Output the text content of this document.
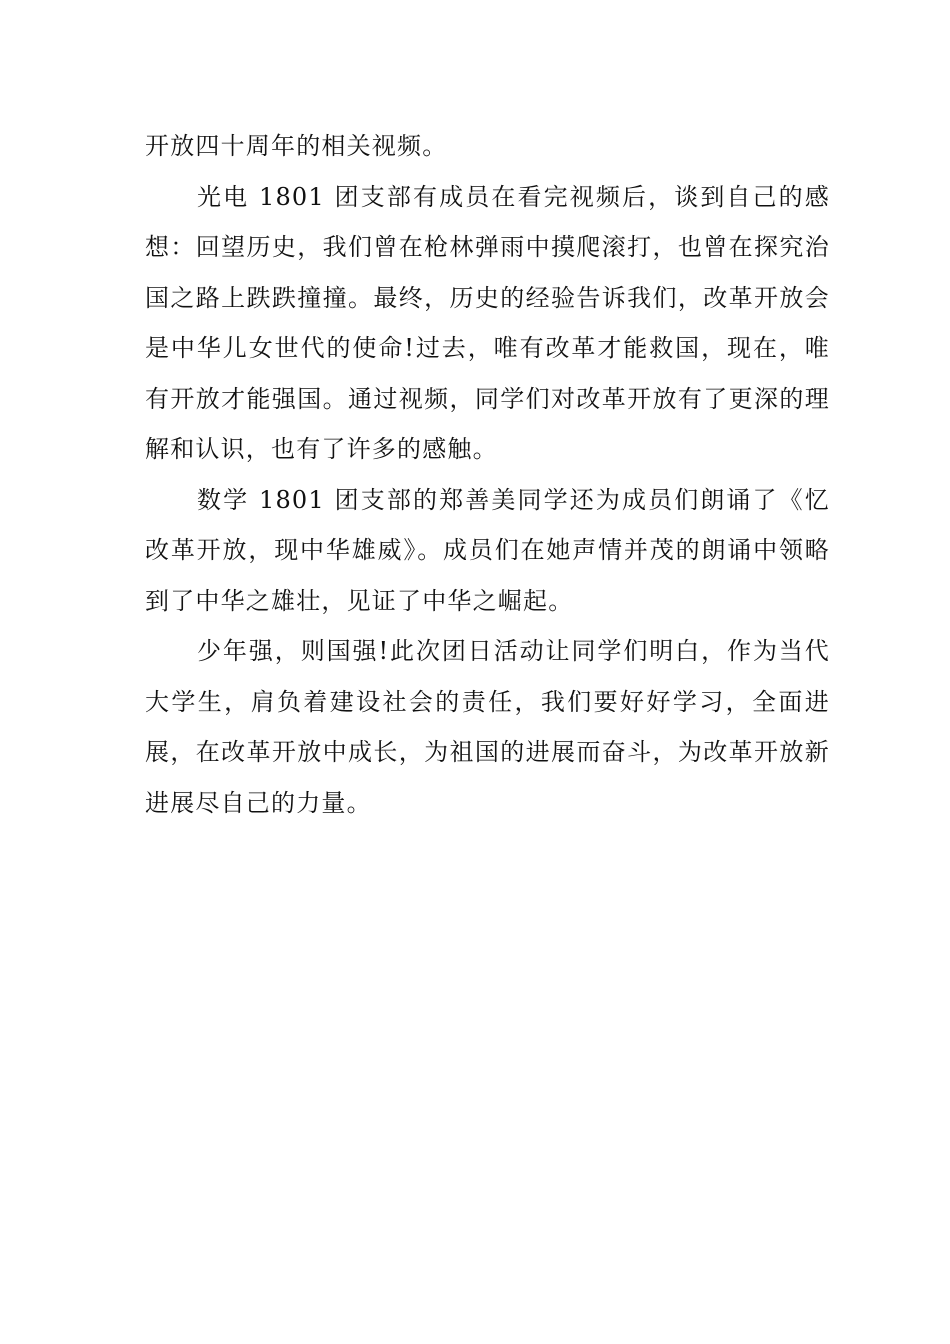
开放四十周年的相关视频。

光电 1801 团支部有成员在看完视频后，谈到自己的感想：回望历史，我们曾在枪林弹雨中摸爬滚打，也曾在探究治国之路上跌跌撞撞。最终，历史的经验告诉我们，改革开放会是中华儿女世代的使命!过去，唯有改革才能救国，现在，唯有开放才能强国。通过视频，同学们对改革开放有了更深的理解和认识，也有了许多的感触。

数学 1801 团支部的郑善美同学还为成员们朗诵了《忆改革开放，现中华雄威》。成员们在她声情并茂的朗诵中领略到了中华之雄壮，见证了中华之崛起。

少年强，则国强!此次团日活动让同学们明白，作为当代大学生，肩负着建设社会的责任，我们要好好学习，全面进展，在改革开放中成长，为祖国的进展而奋斗，为改革开放新进展尽自己的力量。
